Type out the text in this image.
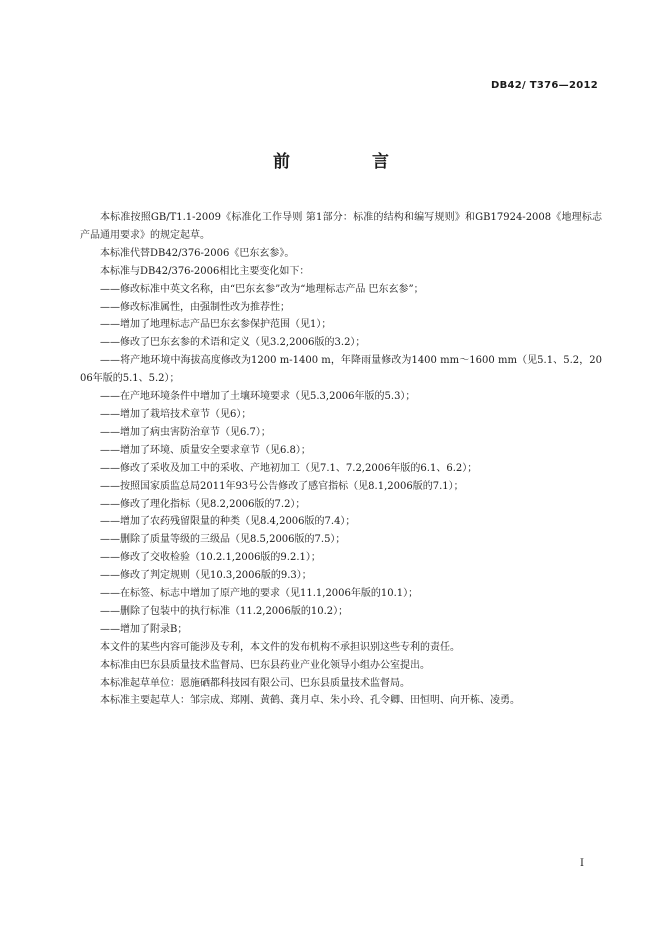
DB42/ T376—2012
前 言

本标准按照GB/T1.1-2009《标准化工作导则 第1部分：标准的结构和编写规则》和GB17924-2008《地理标志产品通用要求》的规定起草。

本标准代替DB42/376-2006《巴东玄参》。

本标准与DB42/376-2006相比主要变化如下：

——修改标准中英文名称，由“巴东玄参”改为“地理标志产品 巴东玄参”；

——修改标准属性，由强制性改为推荐性；

——增加了地理标志产品巴东玄参保护范围（见1）；

——修改了巴东玄参的术语和定义（见3.2,2006版的3.2）；

——将产地环境中海拔高度修改为1200 m-1400 m，年降雨量修改为1400 mm～1600 mm（见5.1、5.2，2006年版的5.1、5.2）；

——在产地环境条件中增加了土壤环境要求（见5.3,2006年版的5.3）；

——增加了栽培技术章节（见6）；

——增加了病虫害防治章节（见6.7）；

——增加了环境、质量安全要求章节（见6.8）；

——修改了采收及加工中的采收、产地初加工（见7.1、7.2,2006年版的6.1、6.2）；

——按照国家质监总局2011年93号公告修改了感官指标（见8.1,2006版的7.1）；

——修改了理化指标（见8.2,2006版的7.2）；

——增加了农药残留限量的种类（见8.4,2006版的7.4）；

——删除了质量等级的三级品（见8.5,2006版的7.5）；

——修改了交收检验（10.2.1,2006版的9.2.1）；

——修改了判定规则（见10.3,2006版的9.3）；

——在标签、标志中增加了原产地的要求（见11.1,2006年版的10.1）；

——删除了包装中的执行标准（11.2,2006版的10.2）；

——增加了附录B；

本文件的某些内容可能涉及专利，本文件的发布机构不承担识别这些专利的责任。

本标准由巴东县质量技术监督局、巴东县药业产业化领导小组办公室提出。

本标准起草单位：恩施硒都科技园有限公司、巴东县质量技术监督局。

本标准主要起草人：邹宗成、郑刚、黄鹤、龚月卓、朱小玲、孔令卿、田恒明、向开栋、凌勇。

I
